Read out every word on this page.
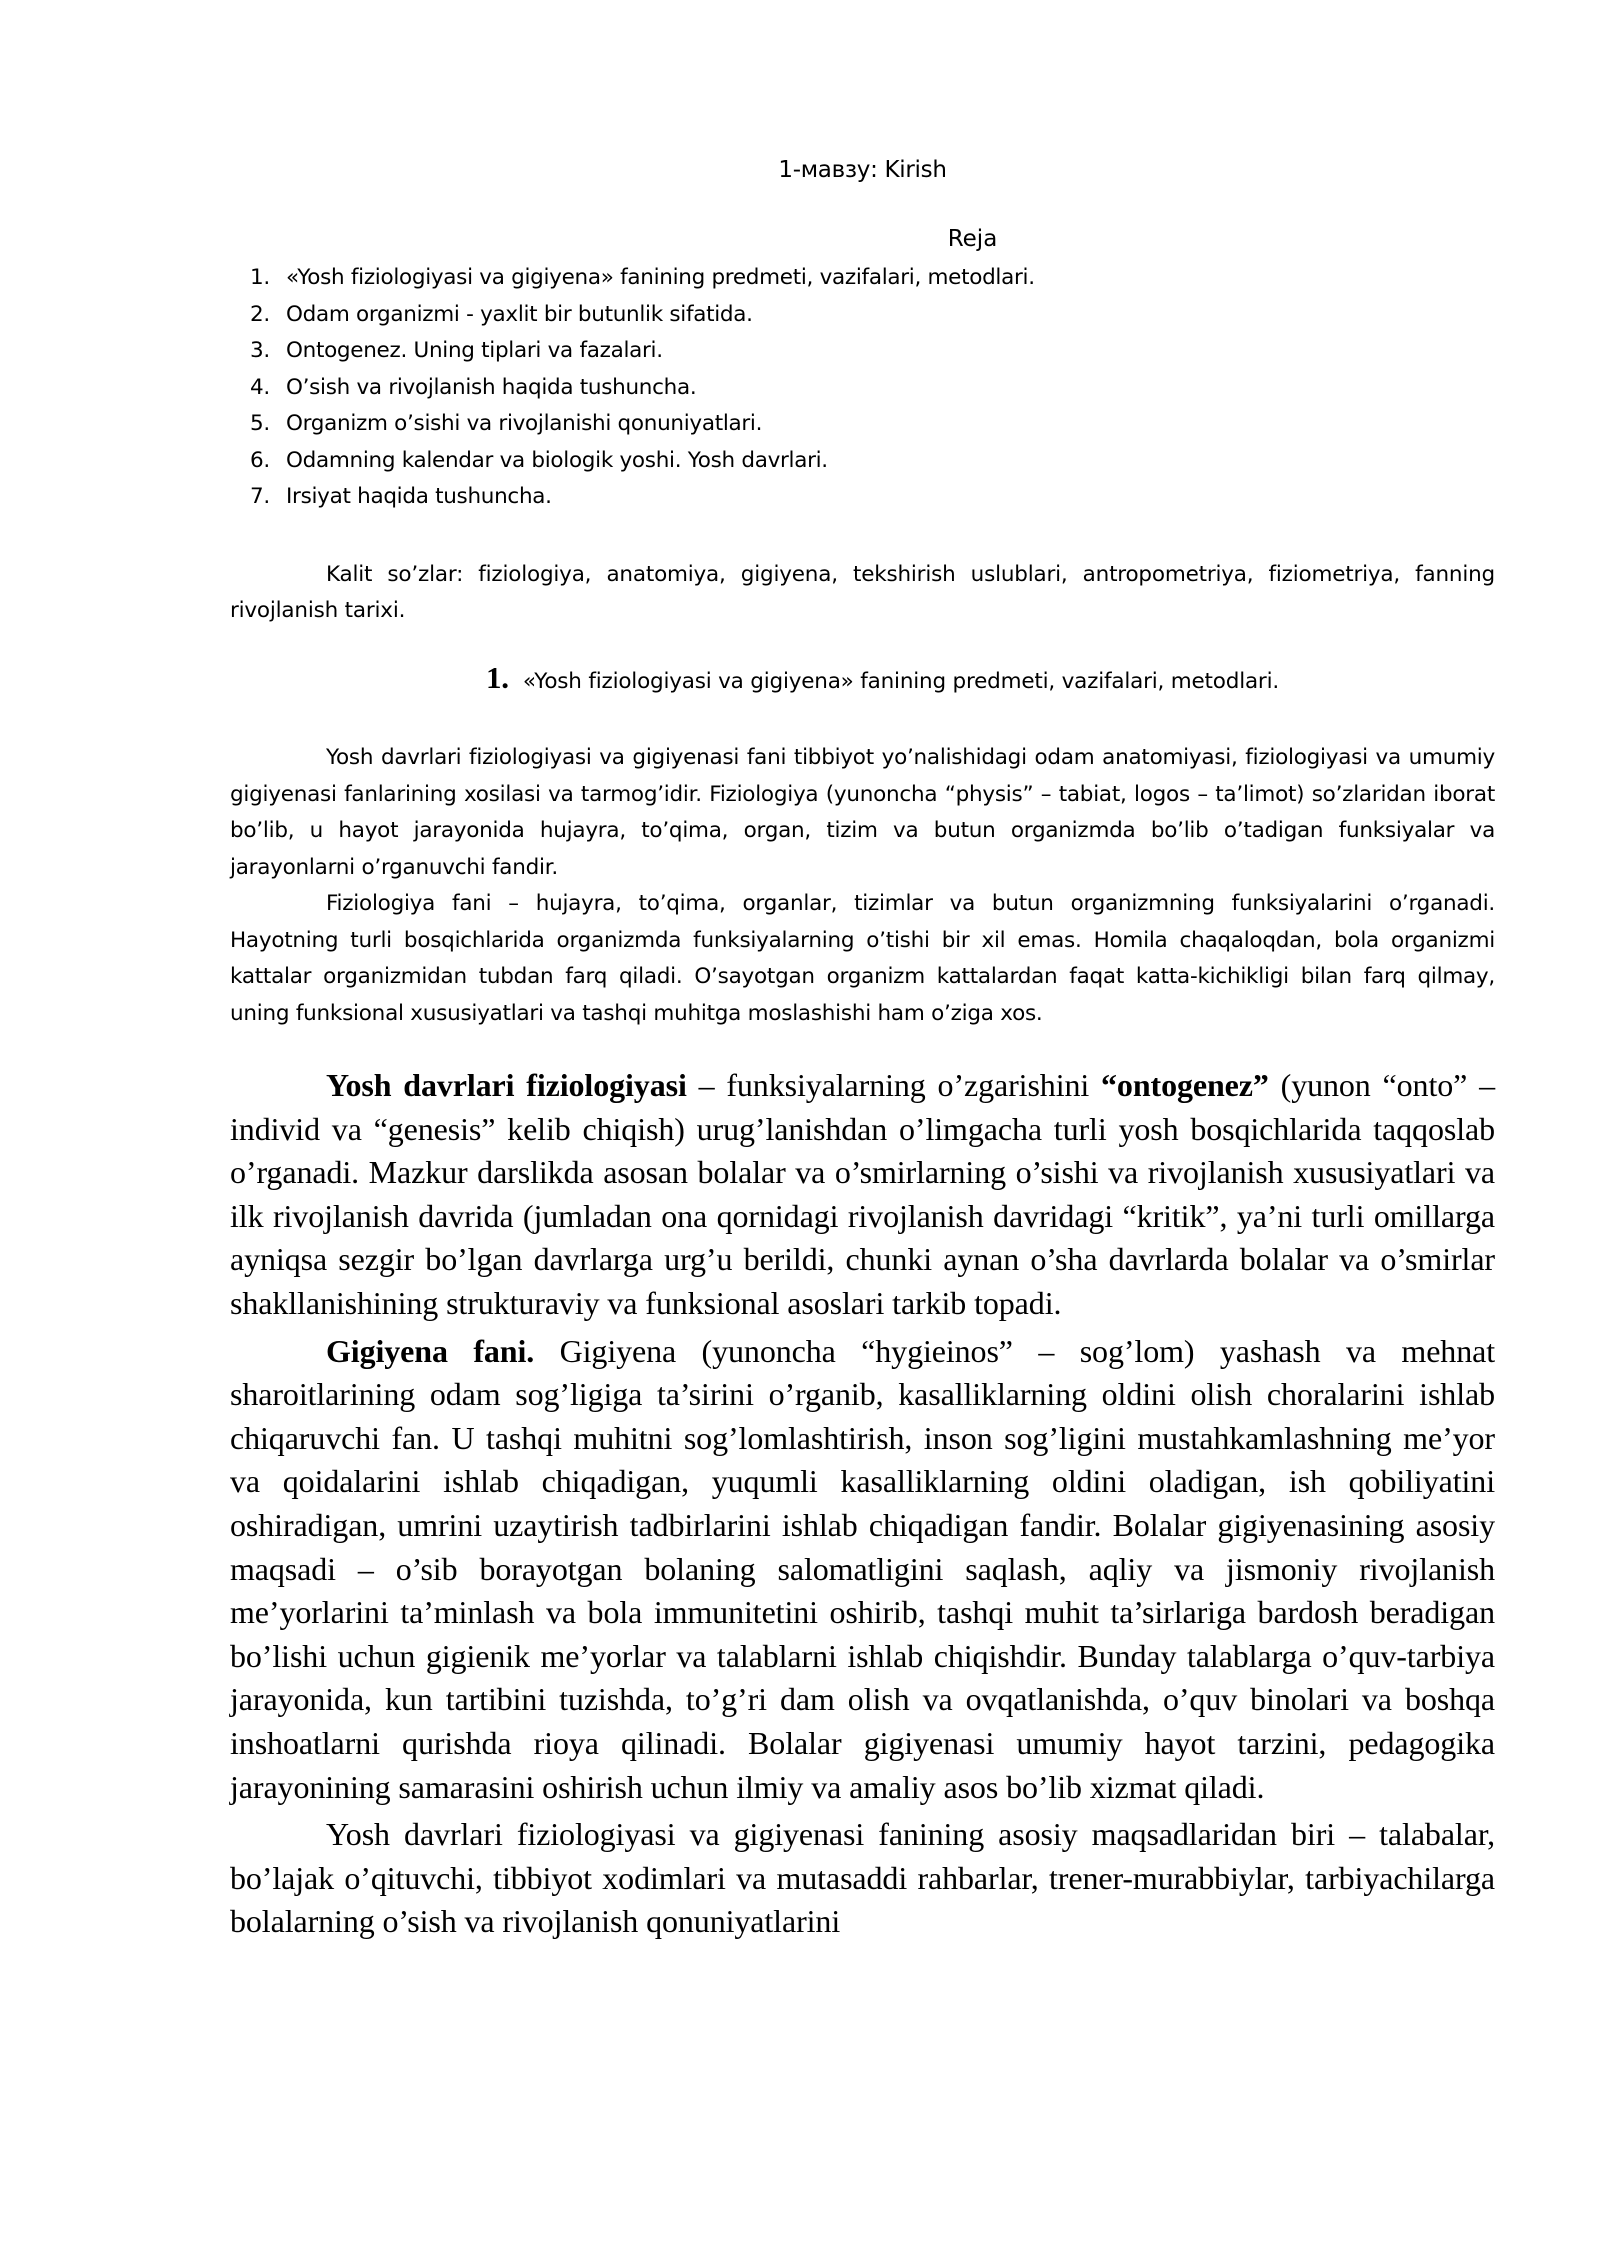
1-мавзу: Kirish
Reja
1. «Yosh fiziologiyasi va gigiyena» fanining predmeti, vazifalari, metodlari.
2. Odam organizmi - yaxlit bir butunlik sifatida.
3. Ontogenez. Uning tiplari va fazalari.
4. O’sish va rivojlanish haqida tushuncha.
5. Organizm o’sishi va rivojlanishi qonuniyatlari.
6. Odamning kalendar va biologik yoshi. Yosh davrlari.
7. Irsiyat haqida tushuncha.

Kalit so’zlar: fiziologiya, anatomiya, gigiyena, tekshirish uslublari, antropometriya, fiziometriya, fanning rivojlanish tarixi.

1. «Yosh fiziologiyasi va gigiyena» fanining predmeti, vazifalari, metodlari.

Yosh davrlari fiziologiyasi va gigiyenasi fani tibbiyot yo’nalishidagi odam anatomiyasi, fiziologiyasi va umumiy gigiyenasi fanlarining xosilasi va tarmog’idir. Fiziologiya (yunoncha “physis” – tabiat, logos – ta’limot) so’zlaridan iborat bo’lib, u hayot jarayonida hujayra, to’qima, organ, tizim va butun organizmda bo’lib o’tadigan funksiyalar va jarayonlarni o’rganuvchi fandir.

Fiziologiya fani – hujayra, to’qima, organlar, tizimlar va butun organizmning funksiyalarini o’rganadi. Hayotning turli bosqichlarida organizmda funksiyalarning o’tishi bir xil emas. Homila chaqaloqdan, bola organizmi kattalar organizmidan tubdan farq qiladi. O’sayotgan organizm kattalardan faqat katta-kichikligi bilan farq qilmay, uning funksional xususiyatlari va tashqi muhitga moslashishi ham o’ziga xos.

Yosh davrlari fiziologiyasi – funksiyalarning o’zgarishini “ontogenez” (yunon “onto” – individ va “genesis” kelib chiqish) urug’lanishdan o’limgacha turli yosh bosqichlarida taqqoslab o’rganadi. Mazkur darslikda asosan bolalar va o’smirlarning o’sishi va rivojlanish xususiyatlari va ilk rivojlanish davrida (jumladan ona qornidagi rivojlanish davridagi “kritik”, ya’ni turli omillarga ayniqsa sezgir bo’lgan davrlarga urg’u berildi, chunki aynan o’sha davrlarda bolalar va o’smirlar shakllanishining strukturaviy va funksional asoslari tarkib topadi.

Gigiyena fani. Gigiyena (yunoncha “hygieinos” – sog’lom) yashash va mehnat sharoitlarining odam sog’ligiga ta’sirini o’rganib, kasalliklarning oldini olish choralarini ishlab chiqaruvchi fan. U tashqi muhitni sog’lomlashtirish, inson sog’ligini mustahkamlashning me’yor va qoidalarini ishlab chiqadigan, yuqumli kasalliklarning oldini oladigan, ish qobiliyatini oshiradigan, umrini uzaytirish tadbirlarini ishlab chiqadigan fandir. Bolalar gigiyenasining asosiy maqsadi – o’sib borayotgan bolaning salomatligini saqlash, aqliy va jismoniy rivojlanish me’yorlarini ta’minlash va bola immunitetini oshirib, tashqi muhit ta’sirlariga bardosh beradigan bo’lishi uchun gigienik me’yorlar va talablarni ishlab chiqishdir. Bunday talablarga o’quv-tarbiya jarayonida, kun tartibini tuzishda, to’g’ri dam olish va ovqatlanishda, o’quv binolari va boshqa inshoatlarni qurishda rioya qilinadi. Bolalar gigiyenasi umumiy hayot tarzini, pedagogika jarayonining samarasini oshirish uchun ilmiy va amaliy asos bo’lib xizmat qiladi.

Yosh davrlari fiziologiyasi va gigiyenasi fanining asosiy maqsadlaridan biri – talabalar, bo’lajak o’qituvchi, tibbiyot xodimlari va mutasaddi rahbarlar, trener-murabbiylar, tarbiyachilarga bolalarning o’sish va rivojlanish qonuniyatlarini
